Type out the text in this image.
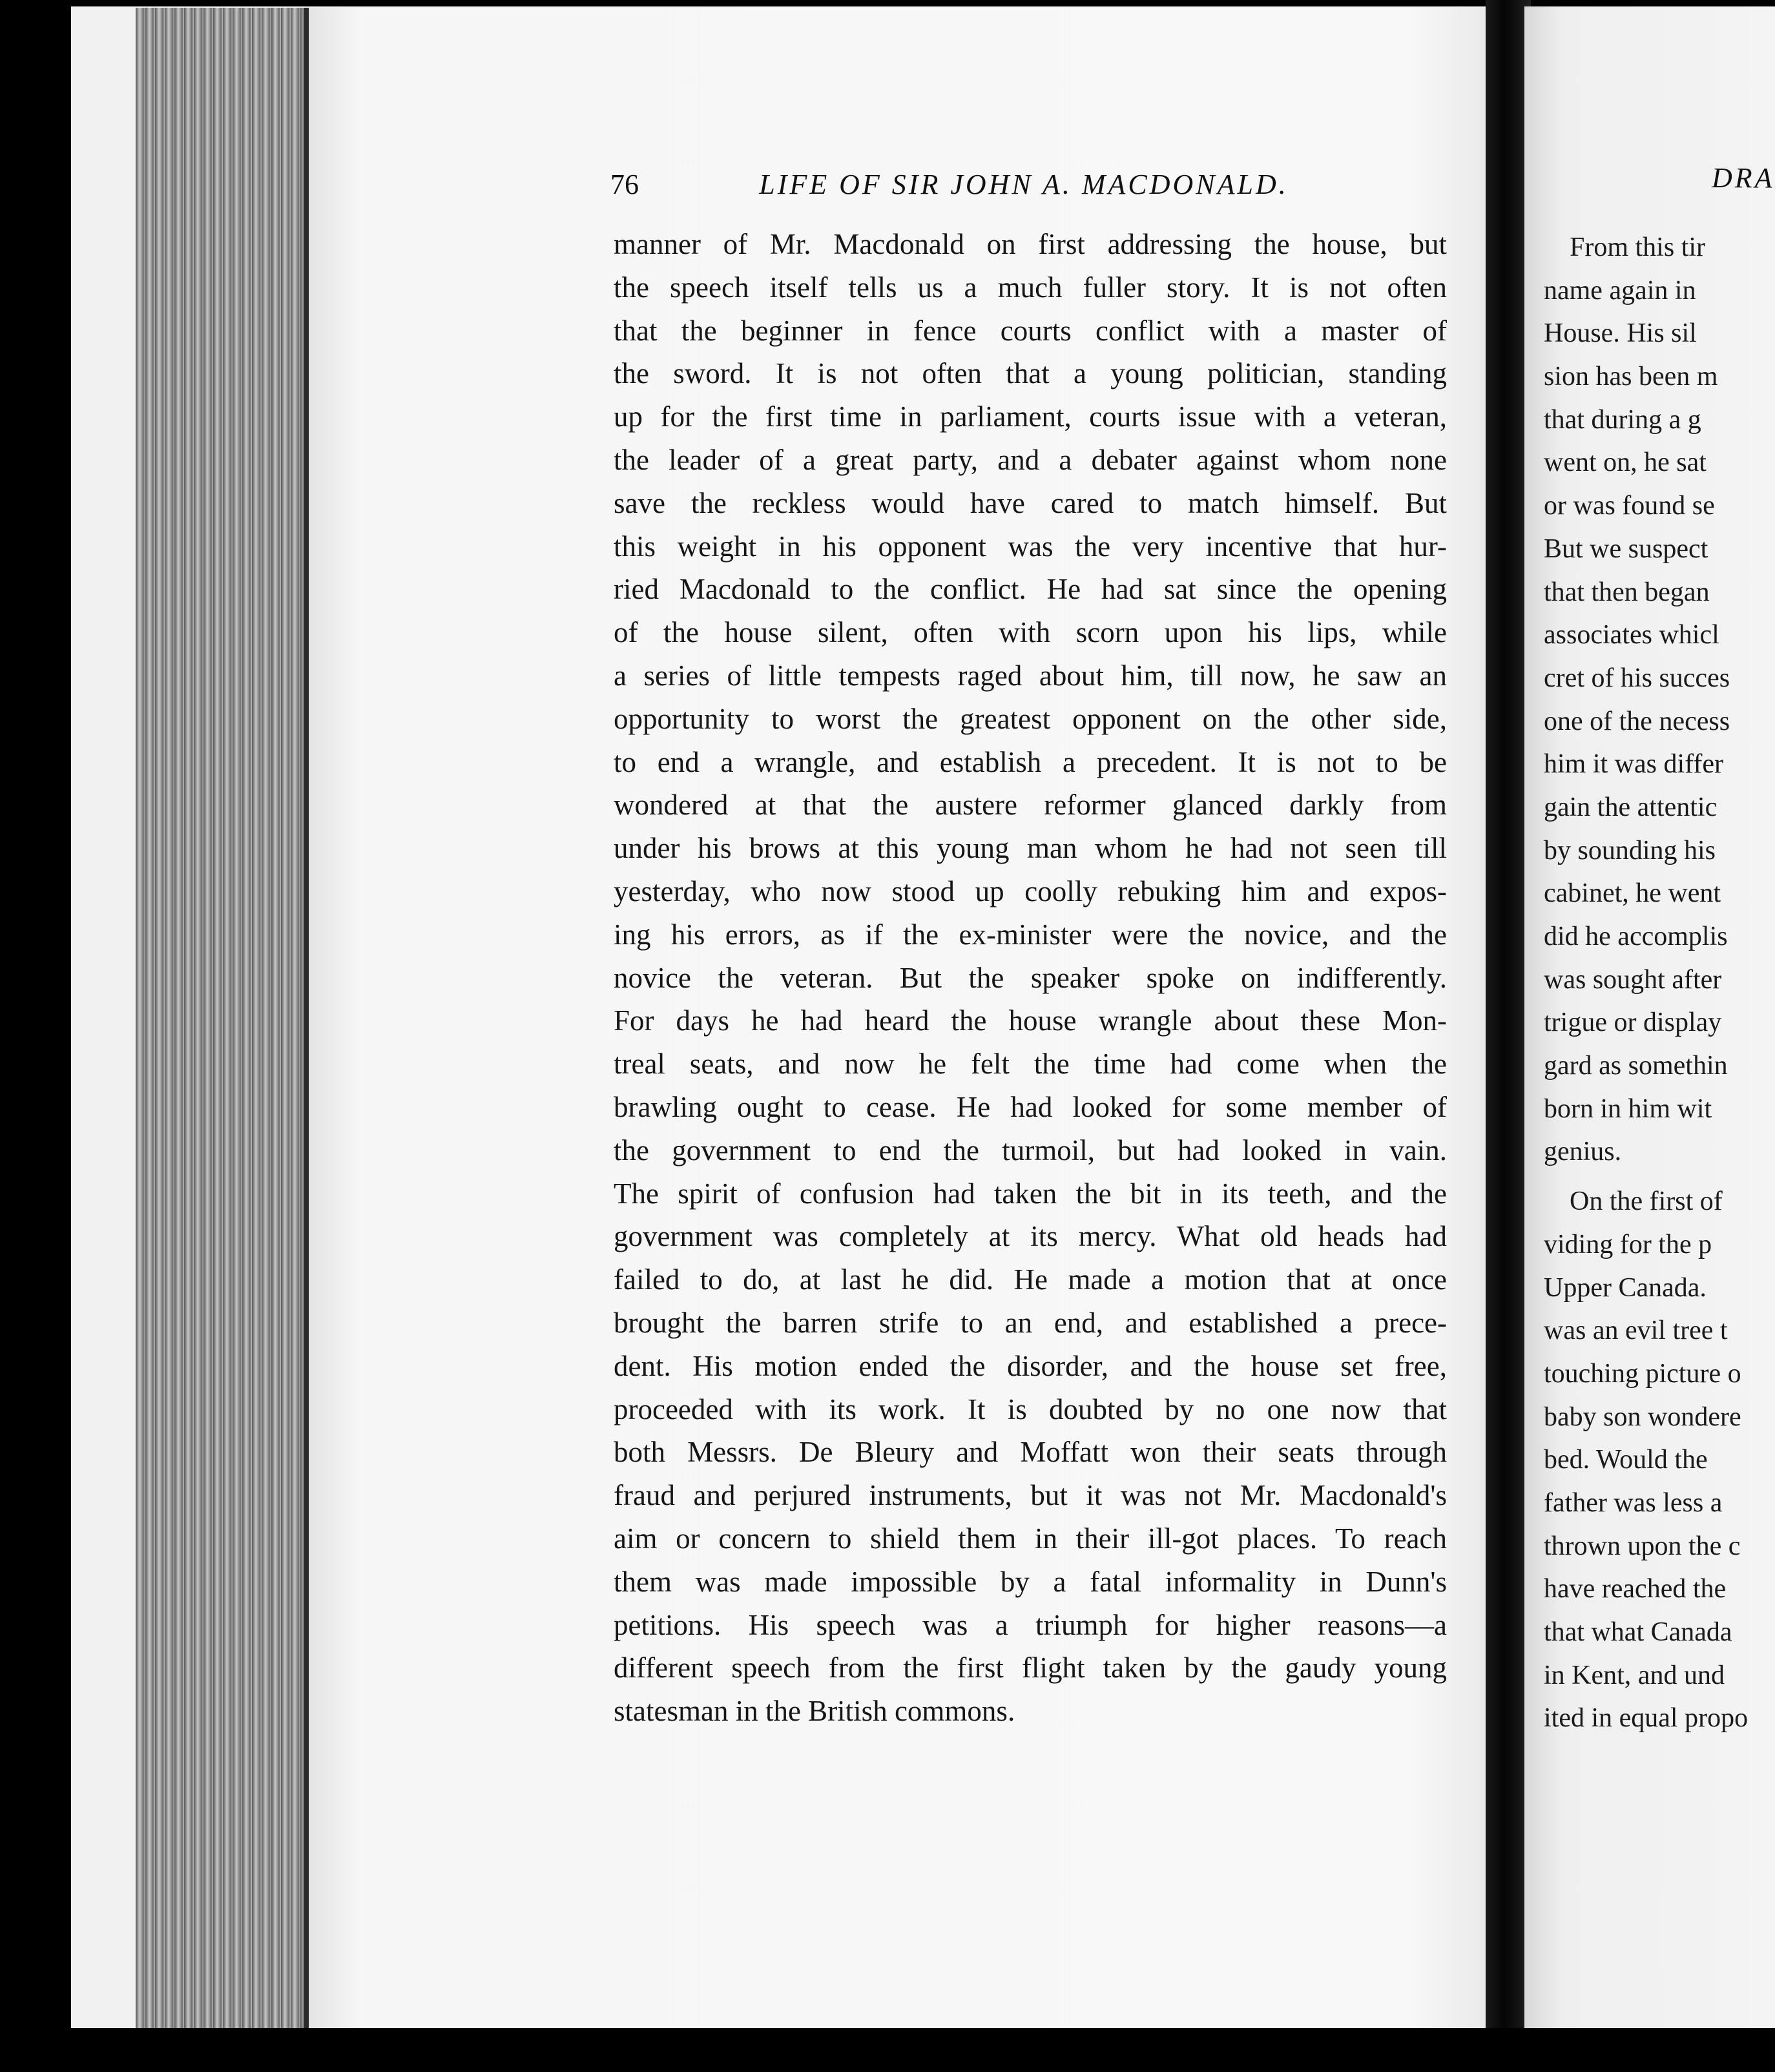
76	LIFE OF SIR JOHN A. MACDONALD.
manner of Mr. Macdonald on first addressing the house, but
the speech itself tells us a much fuller story. It is not often
that the beginner in fence courts conflict with a master of
the sword. It is not often that a young politician, standing
up for the first time in parliament, courts issue with a veteran,
the leader of a great party, and a debater against whom none
save the reckless would have cared to match himself. But
this weight in his opponent was the very incentive that hur-
ried Macdonald to the conflict. He had sat since the opening
of the house silent, often with scorn upon his lips, while
a series of little tempests raged about him, till now, he saw an
opportunity to worst the greatest opponent on the other side,
to end a wrangle, and establish a precedent. It is not to be
wondered at that the austere reformer glanced darkly from
under his brows at this young man whom he had not seen till
yesterday, who now stood up coolly rebuking him and expos-
ing his errors, as if the ex-minister were the novice, and the
novice the veteran. But the speaker spoke on indifferently.
For days he had heard the house wrangle about these Mon-
treal seats, and now he felt the time had come when the
brawling ought to cease. He had looked for some member of
the government to end the turmoil, but had looked in vain.
The spirit of confusion had taken the bit in its teeth, and the
government was completely at its mercy. What old heads had
failed to do, at last he did. He made a motion that at once
brought the barren strife to an end, and established a prece-
dent. His motion ended the disorder, and the house set free,
proceeded with its work. It is doubted by no one now that
both Messrs. De Bleury and Moffatt won their seats through
fraud and perjured instruments, but it was not Mr. Macdonald's
aim or concern to shield them in their ill-got places. To reach
them was made impossible by a fatal informality in Dunn's
petitions. His speech was a triumph for higher reasons—a
different speech from the first flight taken by the gaudy young
statesman in the British commons.
DRA
From this tir
name again in
House. His sil
sion has been m
that during a g
went on, he sat
or was found se
But we suspect
that then began
associates whicl
cret of his succes
one of the necess
him it was differ
gain the attentic
by sounding his
cabinet, he went
did he accomplis
was sought after
trigue or display
gard as somethin
born in him wit
genius.
On the first of
viding for the p
Upper Canada.
was an evil tree t
touching picture o
baby son wondere
bed. Would the
father was less a
thrown upon the c
have reached the
that what Canada
in Kent, and und
ited in equal propo
